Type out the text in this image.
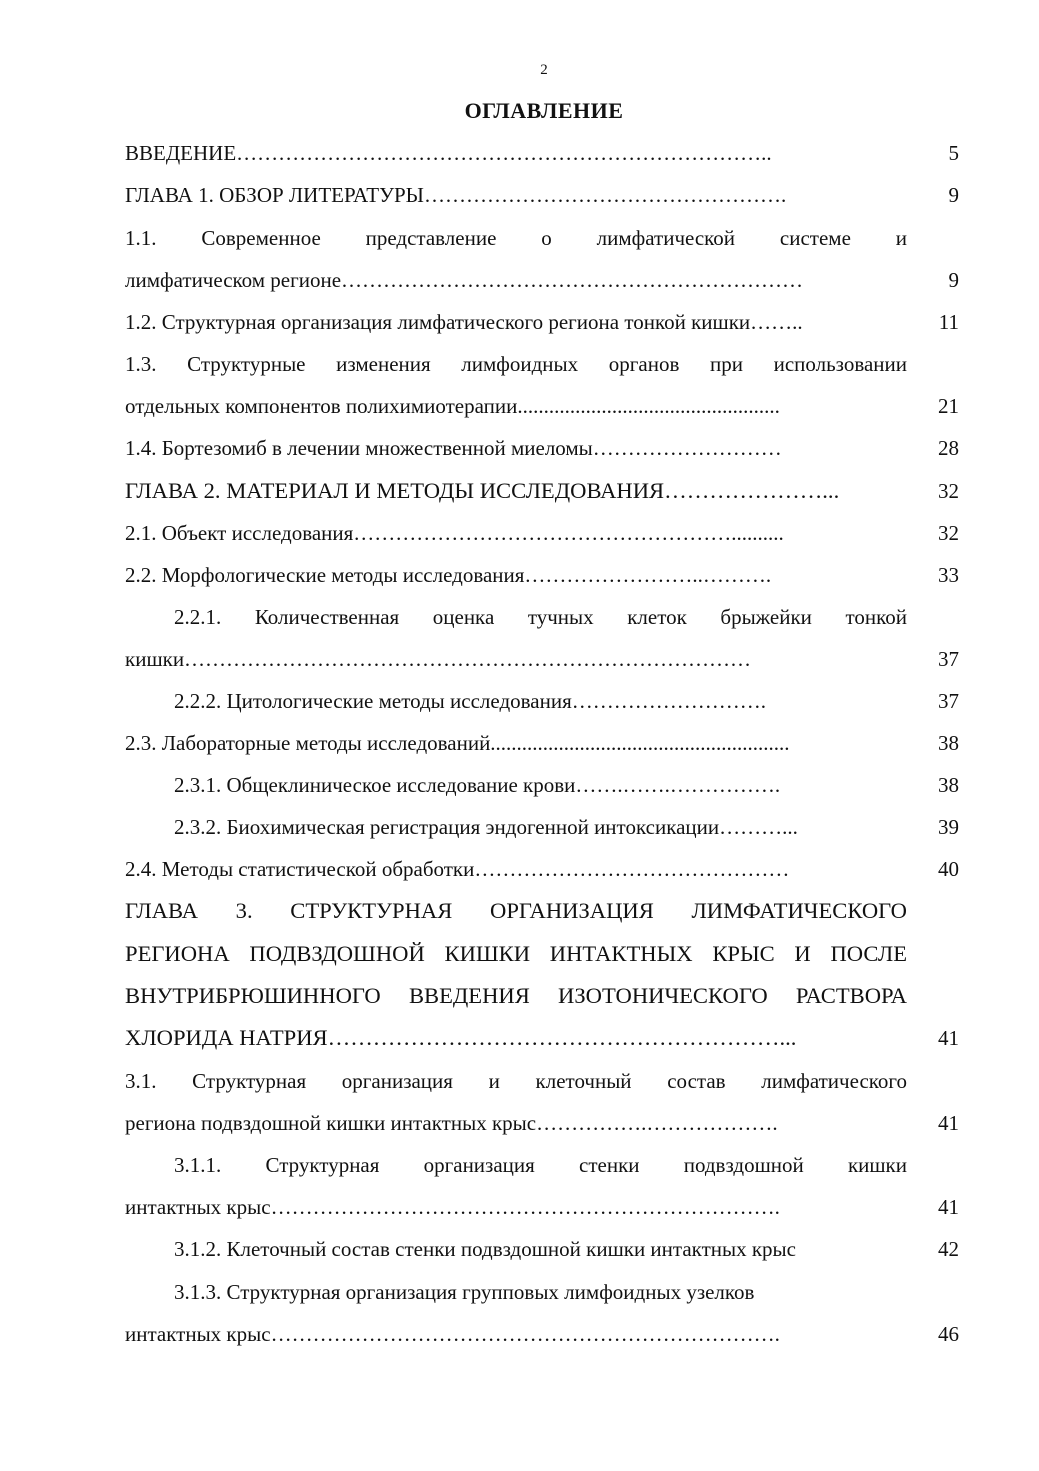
2
ОГЛАВЛЕНИЕ
ВВЕДЕНИЕ…………………………………………………………………..	5
ГЛАВА 1. ОБЗОР ЛИТЕРАТУРЫ…………………………………………….	9
1.1. Современное представление о лимфатической системе и
лимфатическом регионе…………………………………………………………	9
1.2. Структурная организация лимфатического региона тонкой кишки……..	11
1.3. Структурные изменения лимфоидных органов при использовании
отдельных компонентов полихимиотерапии..................................................	21
1.4. Бортезомиб в лечении множественной миеломы………………………	28
ГЛАВА 2. МАТЕРИАЛ И МЕТОДЫ ИССЛЕДОВАНИЯ…………………...	32
2.1. Объект исследования………………………………………………..........	32
2.2. Морфологические методы исследования……………………..……….	33
2.2.1. Количественная оценка тучных клеток брыжейки тонкой
кишки………………………………………………………………………	37
2.2.2. Цитологические методы исследования……………………….	37
2.3. Лабораторные методы исследований.........................................................	38
2.3.1. Общеклиническое исследование крови…….…….…………….	38
2.3.2. Биохимическая регистрация эндогенной интоксикации………...	39
2.4. Методы статистической обработки………………………………………	40
ГЛАВА 3. СТРУКТУРНАЯ ОРГАНИЗАЦИЯ ЛИМФАТИЧЕСКОГО
РЕГИОНА ПОДВЗДОШНОЙ КИШКИ ИНТАКТНЫХ КРЫС И ПОСЛЕ
ВНУТРИБРЮШИННОГО ВВЕДЕНИЯ ИЗОТОНИЧЕСКОГО РАСТВОРА
ХЛОРИДА НАТРИЯ……………………………………………………...	41
3.1. Структурная организация и клеточный состав лимфатического
региона подвздошной кишки интактных крыс…………….……………….	41
3.1.1. Структурная организация стенки подвздошной кишки
интактных крыс……………………………………………………………….	41
3.1.2. Клеточный состав стенки подвздошной кишки интактных крыс	42
3.1.3. Структурная организация групповых лимфоидных узелков
интактных крыс……………………………………………………………….	46
